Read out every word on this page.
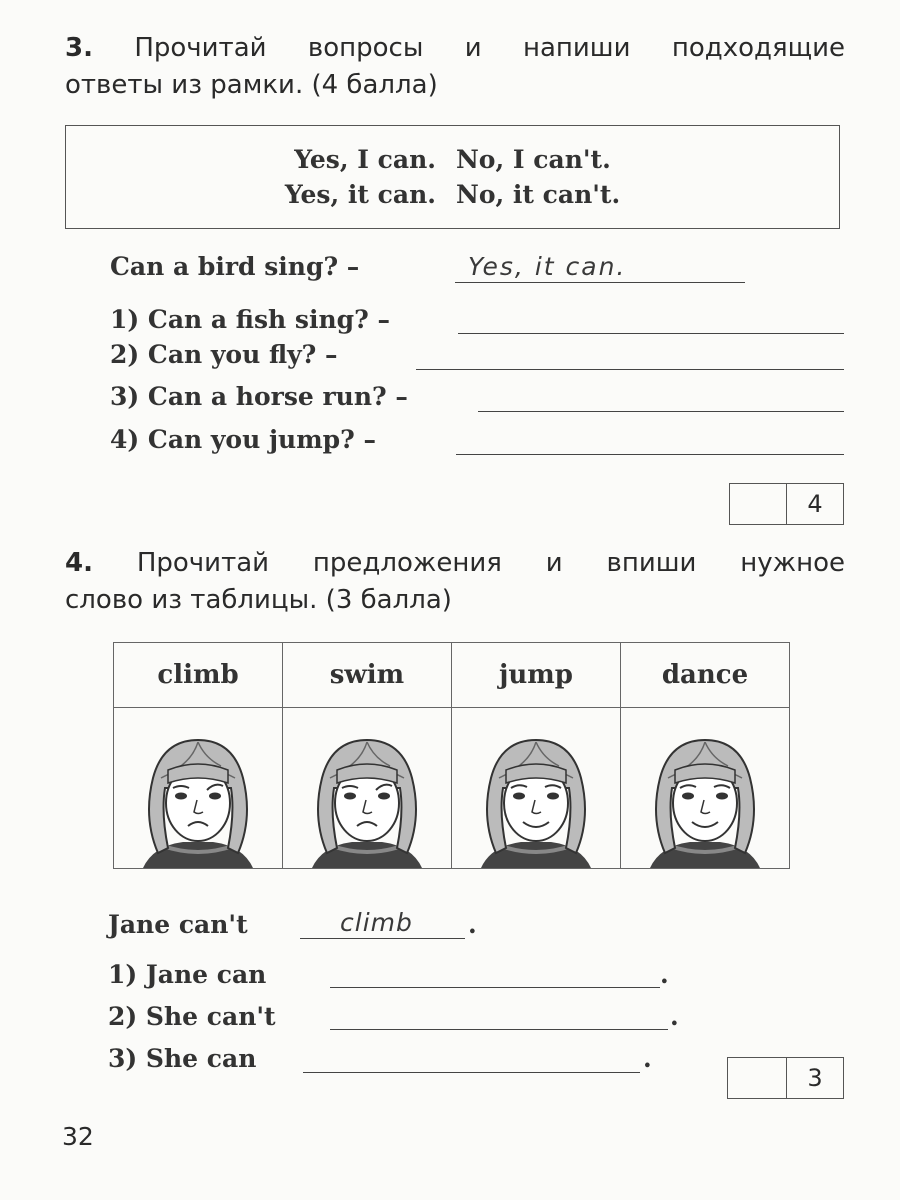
3. Прочитай вопросы и напиши подходящие
ответы из рамки. (4 балла)
Yes, I can. No, I can't.
Yes, it can. No, it can't.
Can a bird sing? –	Yes, it can.
1) Can a fish sing? –
2) Can you fly? –
3) Can a horse run? –
4) Can you jump? –
4
4. Прочитай предложения и впиши нужное
слово из таблицы. (3 балла)
climb	swim	jump	dance

Jane can't	climb .
1) Jane can	.
2) She can't	.
3) She can	.
3
32
